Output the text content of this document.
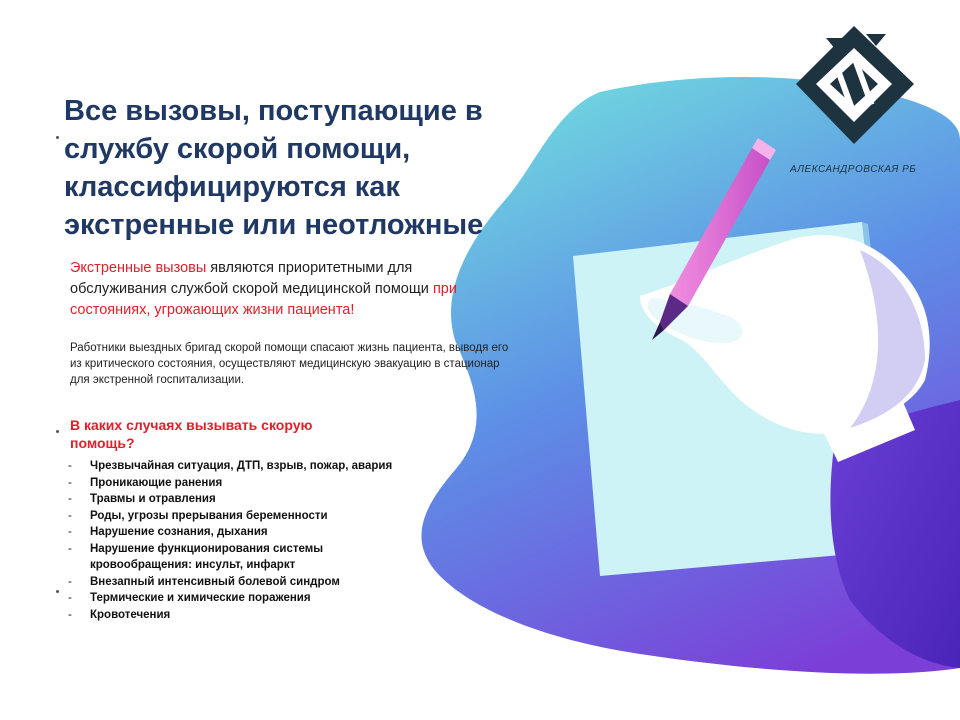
АЛЕКСАНДРОВСКАЯ РБ
Все вызовы, поступающие в службу скорой помощи, классифицируются как экстренные или неотложные

Экстренные вызовы являются приоритетными для обслуживания службой скорой медицинской помощи при состояниях, угрожающих жизни пациента!

Работники выездных бригад скорой помощи спасают жизнь пациента, выводя его из критического состояния, осуществляют медицинскую эвакуацию в стационар для экстренной госпитализации.

В каких случаях вызывать скорую помощь?
- Чрезвычайная ситуация, ДТП, взрыв, пожар, авария
- Проникающие ранения
- Травмы и отравления
- Роды, угрозы прерывания беременности
- Нарушение сознания, дыхания
- Нарушение функционирования системы кровообращения: инсульт, инфаркт
- Внезапный интенсивный болевой синдром
- Термические и химические поражения
- Кровотечения
